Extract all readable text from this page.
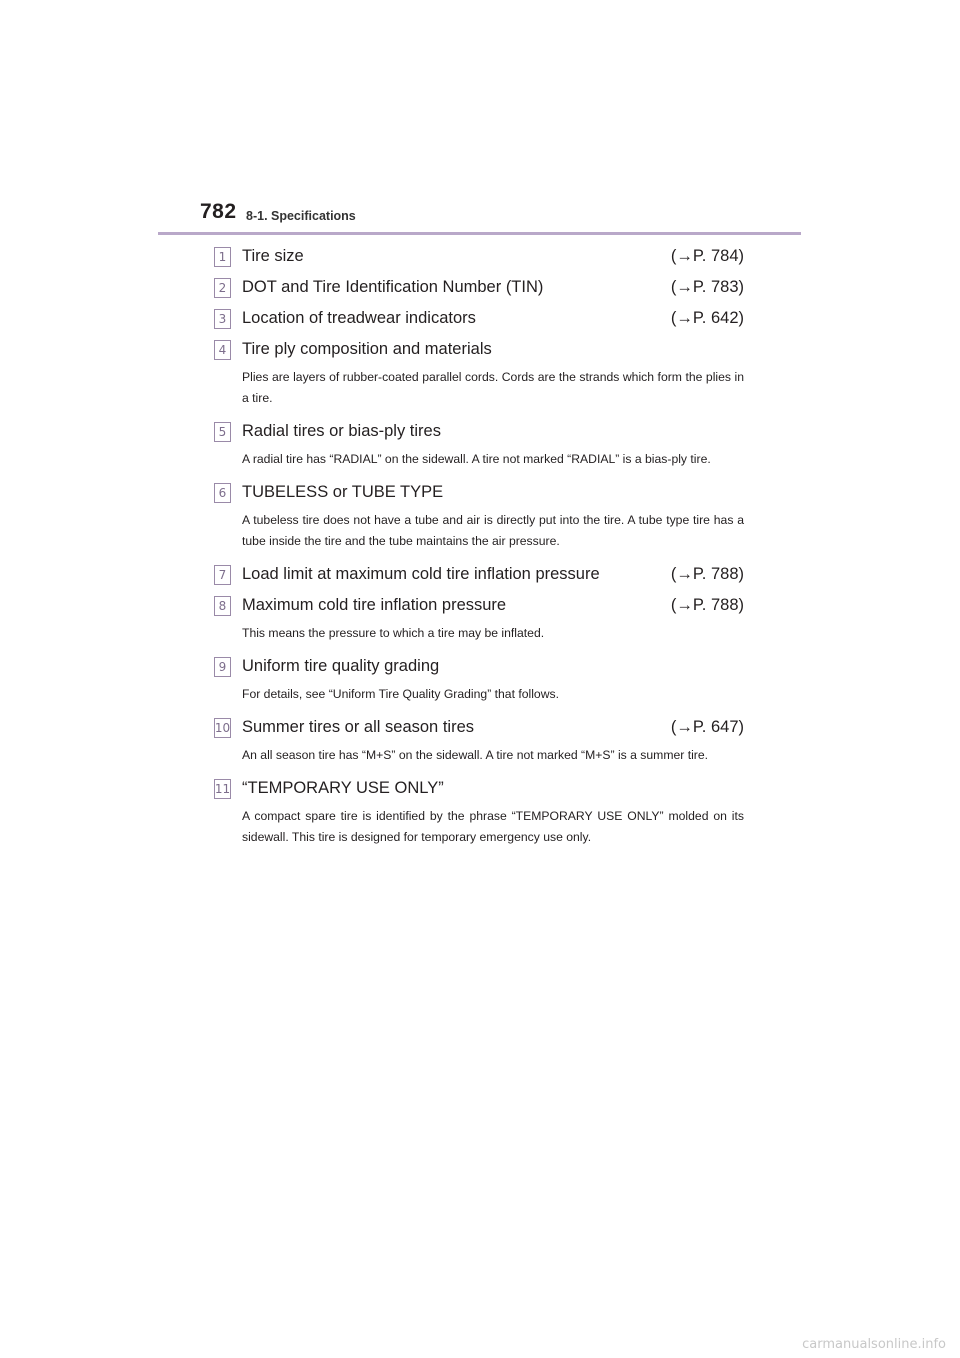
782 8-1. Specifications
1 Tire size	(→P. 784)
2 DOT and Tire Identification Number (TIN)	(→P. 783)
3 Location of treadwear indicators	(→P. 642)
4 Tire ply composition and materials
Plies are layers of rubber-coated parallel cords. Cords are the strands which form the plies in a tire.
5 Radial tires or bias-ply tires
A radial tire has “RADIAL” on the sidewall. A tire not marked “RADIAL” is a bias-ply tire.
6 TUBELESS or TUBE TYPE
A tubeless tire does not have a tube and air is directly put into the tire. A tube type tire has a tube inside the tire and the tube maintains the air pressure.
7 Load limit at maximum cold tire inflation pressure	(→P. 788)
8 Maximum cold tire inflation pressure	(→P. 788)
This means the pressure to which a tire may be inflated.
9 Uniform tire quality grading
For details, see “Uniform Tire Quality Grading” that follows.
10 Summer tires or all season tires	(→P. 647)
An all season tire has “M+S” on the sidewall. A tire not marked “M+S” is a summer tire.
11 “TEMPORARY USE ONLY”
A compact spare tire is identified by the phrase “TEMPORARY USE ONLY” molded on its sidewall. This tire is designed for temporary emergency use only.
carmanualsonline.info
